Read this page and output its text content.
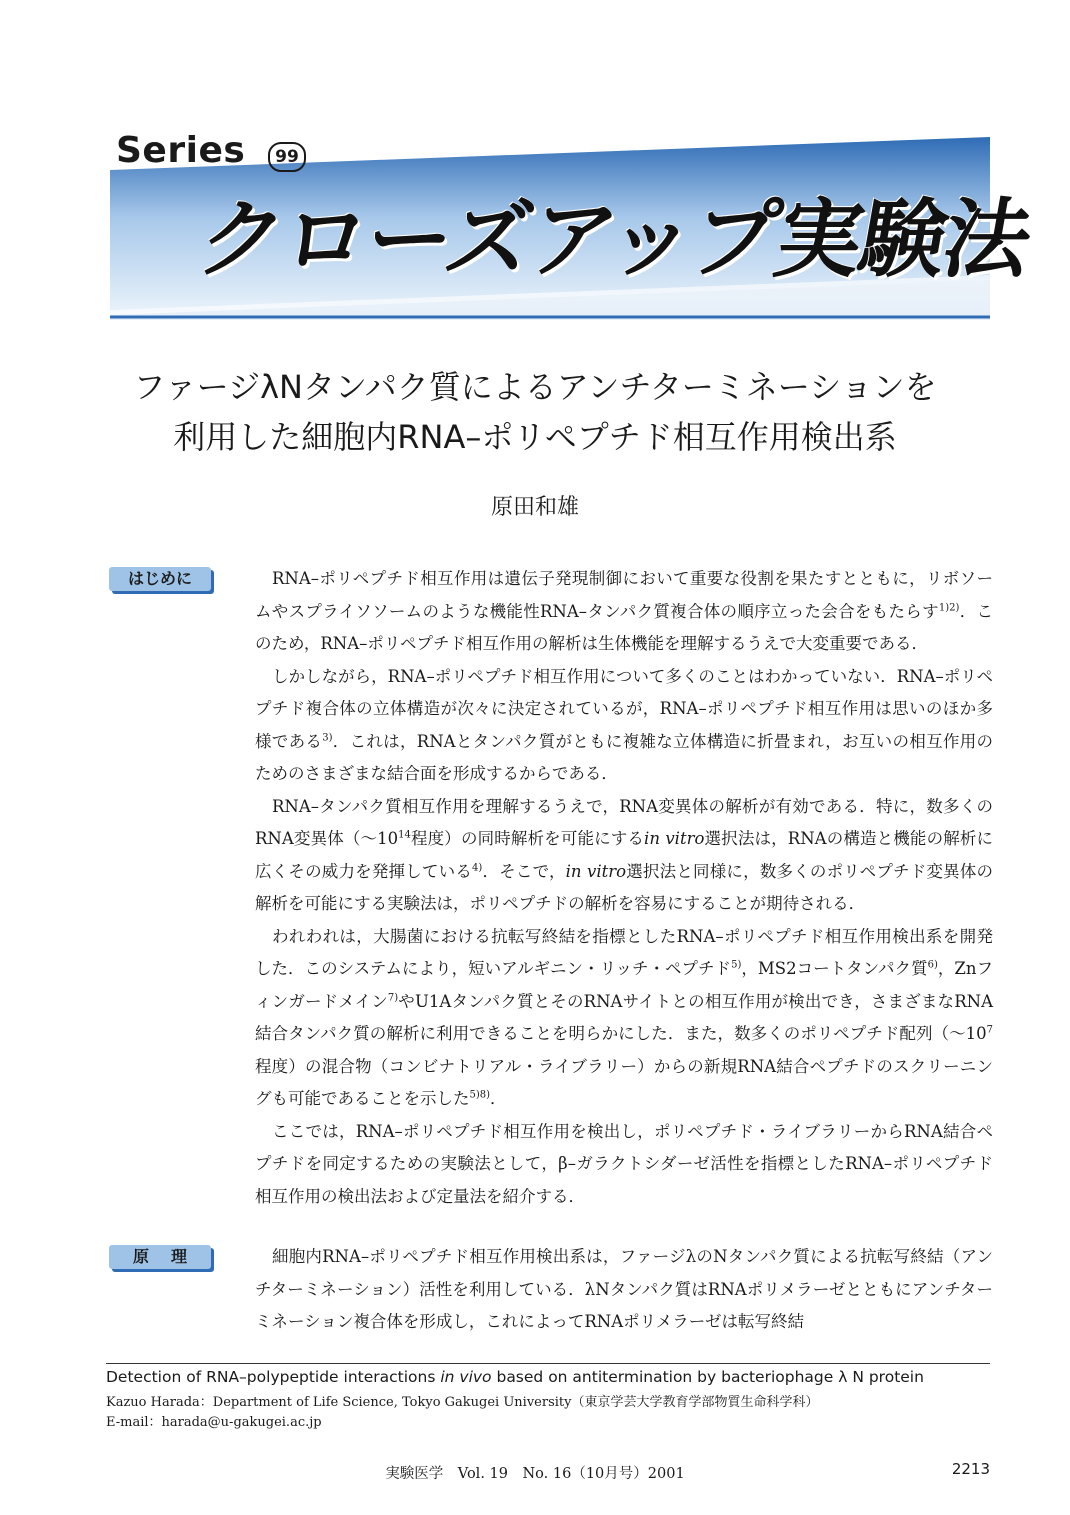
Series	99
クローズアップ実験法
ファージλNタンパク質によるアンチターミネーションを
利用した細胞内RNA–ポリペプチド相互作用検出系
原田和雄
はじめに	RNA–ポリペプチド相互作用は遺伝子発現制御において重要な役割を果たすとともに，リボソームやスプライソソームのような機能性RNA–タンパク質複合体の順序立った会合をもたらす$^{1)2)}$．このため，RNA–ポリペプチド相互作用の解析は生体機能を理解するうえで大変重要である．

しかしながら，RNA–ポリペプチド相互作用について多くのことはわかっていない．RNA–ポリペプチド複合体の立体構造が次々に決定されているが，RNA–ポリペプチド相互作用は思いのほか多様である$^{3)}$．これは，RNAとタンパク質がともに複雑な立体構造に折畳まれ，お互いの相互作用のためのさまざまな結合面を形成するからである．

RNA–タンパク質相互作用を理解するうえで，RNA変異体の解析が有効である．特に，数多くのRNA変異体（〜$10^{14}$程度）の同時解析を可能にするin vitro選択法は，RNAの構造と機能の解析に広くその威力を発揮している$^{4)}$．そこで，in vitro選択法と同様に，数多くのポリペプチド変異体の解析を可能にする実験法は，ポリペプチドの解析を容易にすることが期待される．

われわれは，大腸菌における抗転写終結を指標としたRNA–ポリペプチド相互作用検出系を開発した．このシステムにより，短いアルギニン・リッチ・ペプチド$^{5)}$，MS2コートタンパク質$^{6)}$，Znフィンガードメイン$^{7)}$やU1Aタンパク質とそのRNAサイトとの相互作用が検出でき，さまざまなRNA結合タンパク質の解析に利用できることを明らかにした．また，数多くのポリペプチド配列（〜$10^7$程度）の混合物（コンビナトリアル・ライブラリー）からの新規RNA結合ペプチドのスクリーニングも可能であることを示した$^{5)8)}$．

ここでは，RNA–ポリペプチド相互作用を検出し，ポリペプチド・ライブラリーからRNA結合ペプチドを同定するための実験法として，β–ガラクトシダーゼ活性を指標としたRNA–ポリペプチド相互作用の検出法および定量法を紹介する．

原理	細胞内RNA–ポリペプチド相互作用検出系は，ファージλのNタンパク質による抗転写終結（アンチターミネーション）活性を利用している．λNタンパク質はRNAポリメラーゼとともにアンチターミネーション複合体を形成し，これによってRNAポリメラーゼは転写終結

Detection of RNA–polypeptide interactions in vivo based on antitermination by bacteriophage λ N protein
Kazuo Harada：Department of Life Science, Tokyo Gakugei University（東京学芸大学教育学部物質生命科学科）
E-mail：harada@u-gakugei.ac.jp
実験医学　Vol. 19　No. 16（10月号）2001	2213
